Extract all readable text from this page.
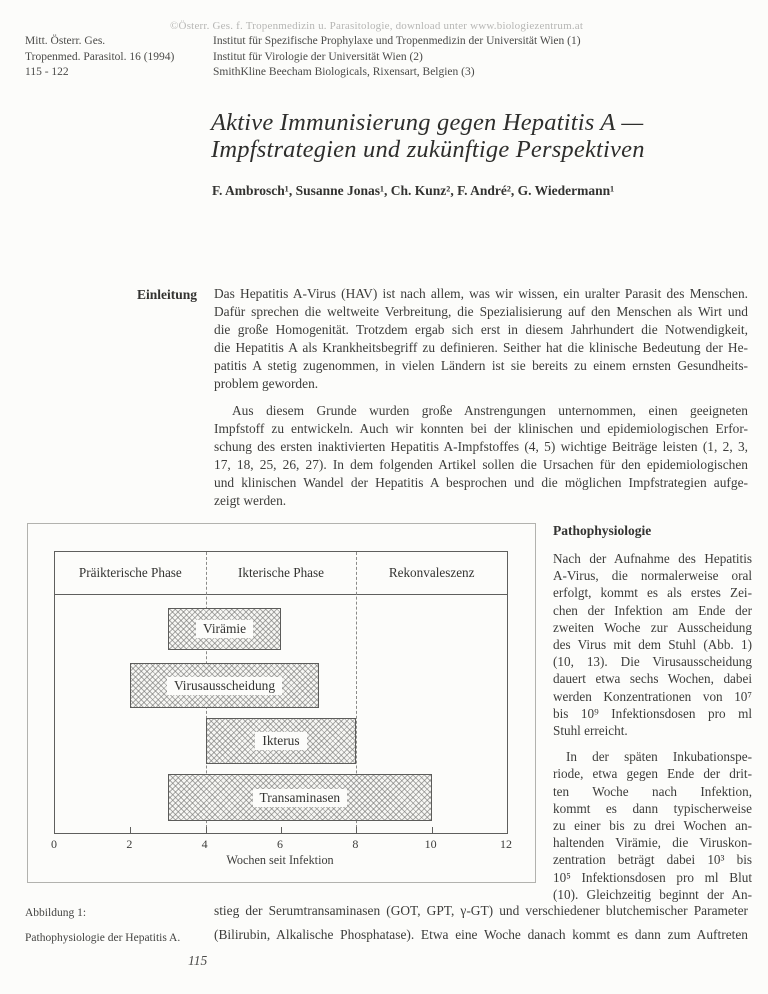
©Österr. Ges. f. Tropenmedizin u. Parasitologie, download unter www.biologiezentrum.at
Mitt. Österr. Ges.
Tropenmed. Parasitol. 16 (1994)
115 - 122
Institut für Spezifische Prophylaxe und Tropenmedizin der Universität Wien (1)
Institut für Virologie der Universität Wien (2)
SmithKline Beecham Biologicals, Rixensart, Belgien (3)
Aktive Immunisierung gegen Hepatitis A —
Impfstrategien und zukünftige Perspektiven
F. Ambrosch¹, Susanne Jonas¹, Ch. Kunz², F. André², G. Wiedermann¹
Einleitung Das Hepatitis A-Virus (HAV) ist nach allem, was wir wissen, ein uralter Parasit des Menschen.
Dafür sprechen die weltweite Verbreitung, die Spezialisierung auf den Menschen als Wirt und
die große Homogenität. Trotzdem ergab sich erst in diesem Jahrhundert die Notwendigkeit,
die Hepatitis A als Krankheitsbegriff zu definieren. Seither hat die klinische Bedeutung der He-
patitis A stetig zugenommen, in vielen Ländern ist sie bereits zu einem ernsten Gesundheits-
problem geworden.
Aus diesem Grunde wurden große Anstrengungen unternommen, einen geeigneten
Impfstoff zu entwickeln. Auch wir konnten bei der klinischen und epidemiologischen Erfor-
schung des ersten inaktivierten Hepatitis A-Impfstoffes (4, 5) wichtige Beiträge leisten (1, 2, 3,
17, 18, 25, 26, 27). In dem folgenden Artikel sollen die Ursachen für den epidemiologischen
und klinischen Wandel der Hepatitis A besprochen und die möglichen Impfstrategien aufge-
zeigt werden.
Präikterische Phase	Ikterische Phase	Rekonvaleszenz
Virämie
Virusausscheidung
Ikterus
Transaminasen
Wochen seit Infektion
0	2	4	6	8	10	12
Pathophysiologie
Nach der Aufnahme des Hepatitis
A-Virus, die normalerweise oral
erfolgt, kommt es als erstes Zei-
chen der Infektion am Ende der
zweiten Woche zur Ausscheidung
des Virus mit dem Stuhl (Abb. 1)
(10, 13). Die Virusausscheidung
dauert etwa sechs Wochen, dabei
werden Konzentrationen von 10⁷
bis 10⁹ Infektionsdosen pro ml
Stuhl erreicht.
In der späten Inkubationspe-
riode, etwa gegen Ende der drit-
ten Woche nach Infektion,
kommt es dann typischerweise
zu einer bis zu drei Wochen an-
haltenden Virämie, die Viruskon-
zentration beträgt dabei 10³ bis
10⁵ Infektionsdosen pro ml Blut
(10). Gleichzeitig beginnt der An-
Abbildung 1:
Pathophysiologie der Hepatitis A.
stieg der Serumtransaminasen (GOT, GPT, γ-GT) und verschiedener blutchemischer Parameter
(Bilirubin, Alkalische Phosphatase). Etwa eine Woche danach kommt es dann zum Auftreten
115
